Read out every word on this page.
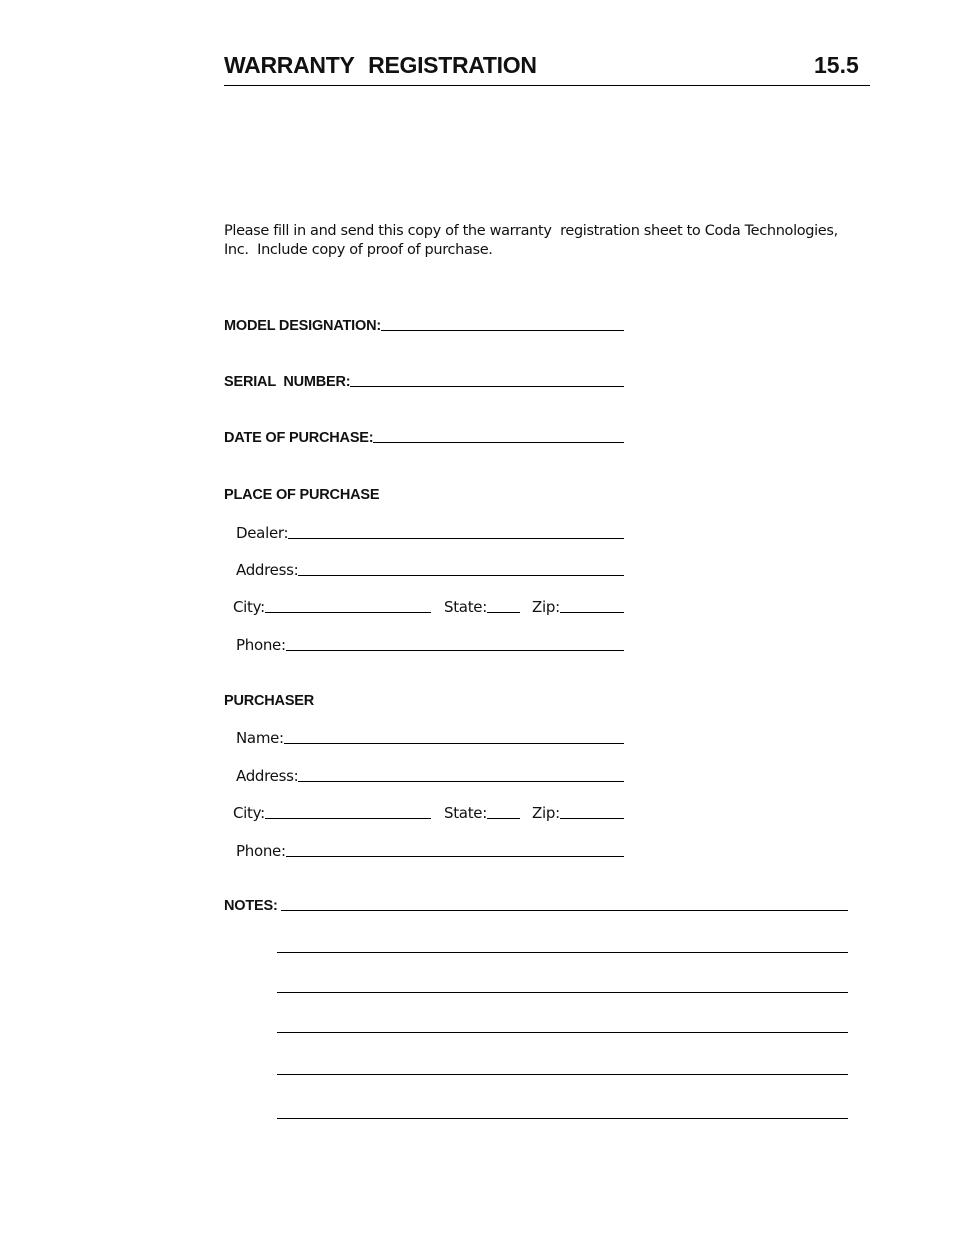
WARRANTY REGISTRATION	15.5
Please fill in and send this copy of the warranty  registration sheet to Coda Technologies,
Inc.  Include copy of proof of purchase.
MODEL DESIGNATION:
SERIAL  NUMBER:
DATE OF PURCHASE:
PLACE OF PURCHASE
Dealer:
Address:
City:	State:	Zip:
Phone:
PURCHASER
Name:
Address:
City:	State:	Zip:
Phone:
NOTES:
